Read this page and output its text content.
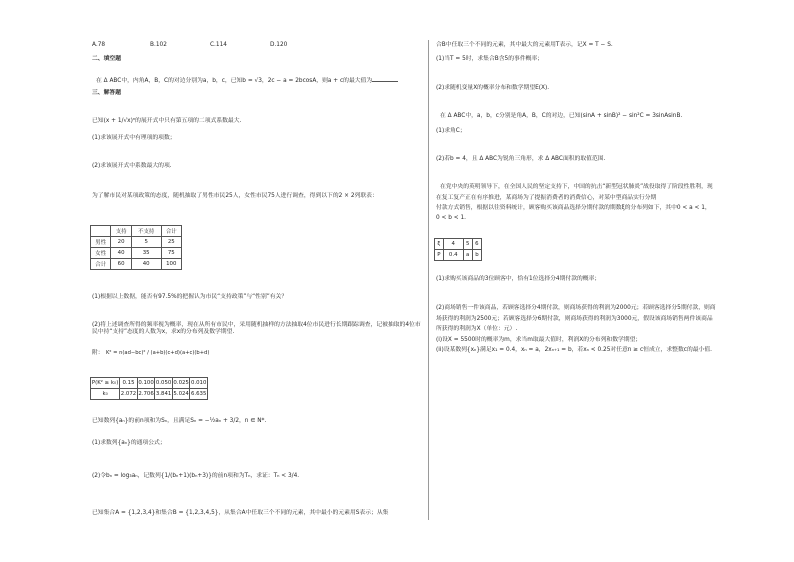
A.78	B.102	C.114	D.120
二、填空题
在 Δ ABC中，内角A，B，C的对边分别为a，b，c，已知b = √3，2c − a = 2bcosA，则a + c的最大值为
三、解答题
已知(x + 1/√x)ⁿ的展开式中只有第五项的二项式系数最大.
(1)求该展开式中有理项的项数；
(2)求该展开式中系数最大的项.
为了解市民对某项政策的态度，随机抽取了男性市民25人，女性市民75人进行调查，得到以下的2 × 2列联表：
	支持	不支持	合计
男性	20	5	25
女性	40	35	75
合计	60	40	100
(1)根据以上数据，能否有97.5%的把握认为市民“支持政策”与“性别”有关？
(2)将上述调查所得的频率视为概率，现在从所有市民中，采用随机抽样的方法抽取4位市民进行长期跟踪调查，记被抽取的4位市民中持“支持”态度的人数为x，求x的分布列及数学期望.
附： K² = n(ad−bc)² / (a+b)(c+d)(a+c)(b+d)
P(K² ≥ k₀)	0.15	0.100	0.050	0.025	0.010
k₀	2.072	2.706	3.841	5.024	6.635
已知数列{aₙ}的前n项和为Sₙ，且满足Sₙ = −½aₙ + 3/2，n ∈ N*.
(1)求数列{aₙ}的通项公式；
(2)令bₙ = log₃aₙ，记数列{1/(bₙ+1)(bₙ+3)}的前n项和为Tₙ，求证：Tₙ < 3/4.
已知集合A = {1,2,3,4}和集合B = {1,2,3,4,5}，从集合A中任取三个不同的元素，其中最小的元素用S表示；从集
合B中任取三个不同的元素，其中最大的元素用T表示，记X = T − S.
(1)当T = 5时，求集合B含5的事件概率；
(2)求随机变量X的概率分布和数学期望E(X).
在 Δ ABC中，a，b，c分别是角A，B，C的对边，已知(sinA + sinB)² − sin²C = 3sinAsinB.
(1)求角C；
(2)若b = 4，且 Δ ABC为锐角三角形，求 Δ ABC面积的取值范围.
在党中央的英明领导下，在全国人民的坚定支持下，中国的抗击“新型冠状肺炎”战役取得了阶段性胜利，现
在复工复产正在有序推进，某商场为了提振消费者的消费信心，对某中型商品实行分期
付款方式销售，根据以往资料统计，顾客购买该商品选择分期付款的期数ξ的分布列如下，其中0 < a < 1，
0 < b < 1.
ξ	4	5	6
P	0.4	a	b
(1)求购买该商品的3位顾客中，恰有1位选择分4期付款的概率；
(2)商场销售一件该商品，若顾客选择分4期付款，则商场获得的利润为2000元；若顾客选择分5期付款，则商
场获得的利润为2500元；若顾客选择分6期付款，则商场获得的利润为3000元，假设该商场销售两件该商品
所获得的利润为X（单位：元）.
(i)设X = 5500时的概率为m，求当m取最大值时，利润X的分布列和数学期望；
(ii)设某数列{xₙ}满足x₁ = 0.4，xₙ = a，2xₙ₊₁ = b，若xₙ < 0.25对任意n ≥ c恒成立，求整数c的最小值.
